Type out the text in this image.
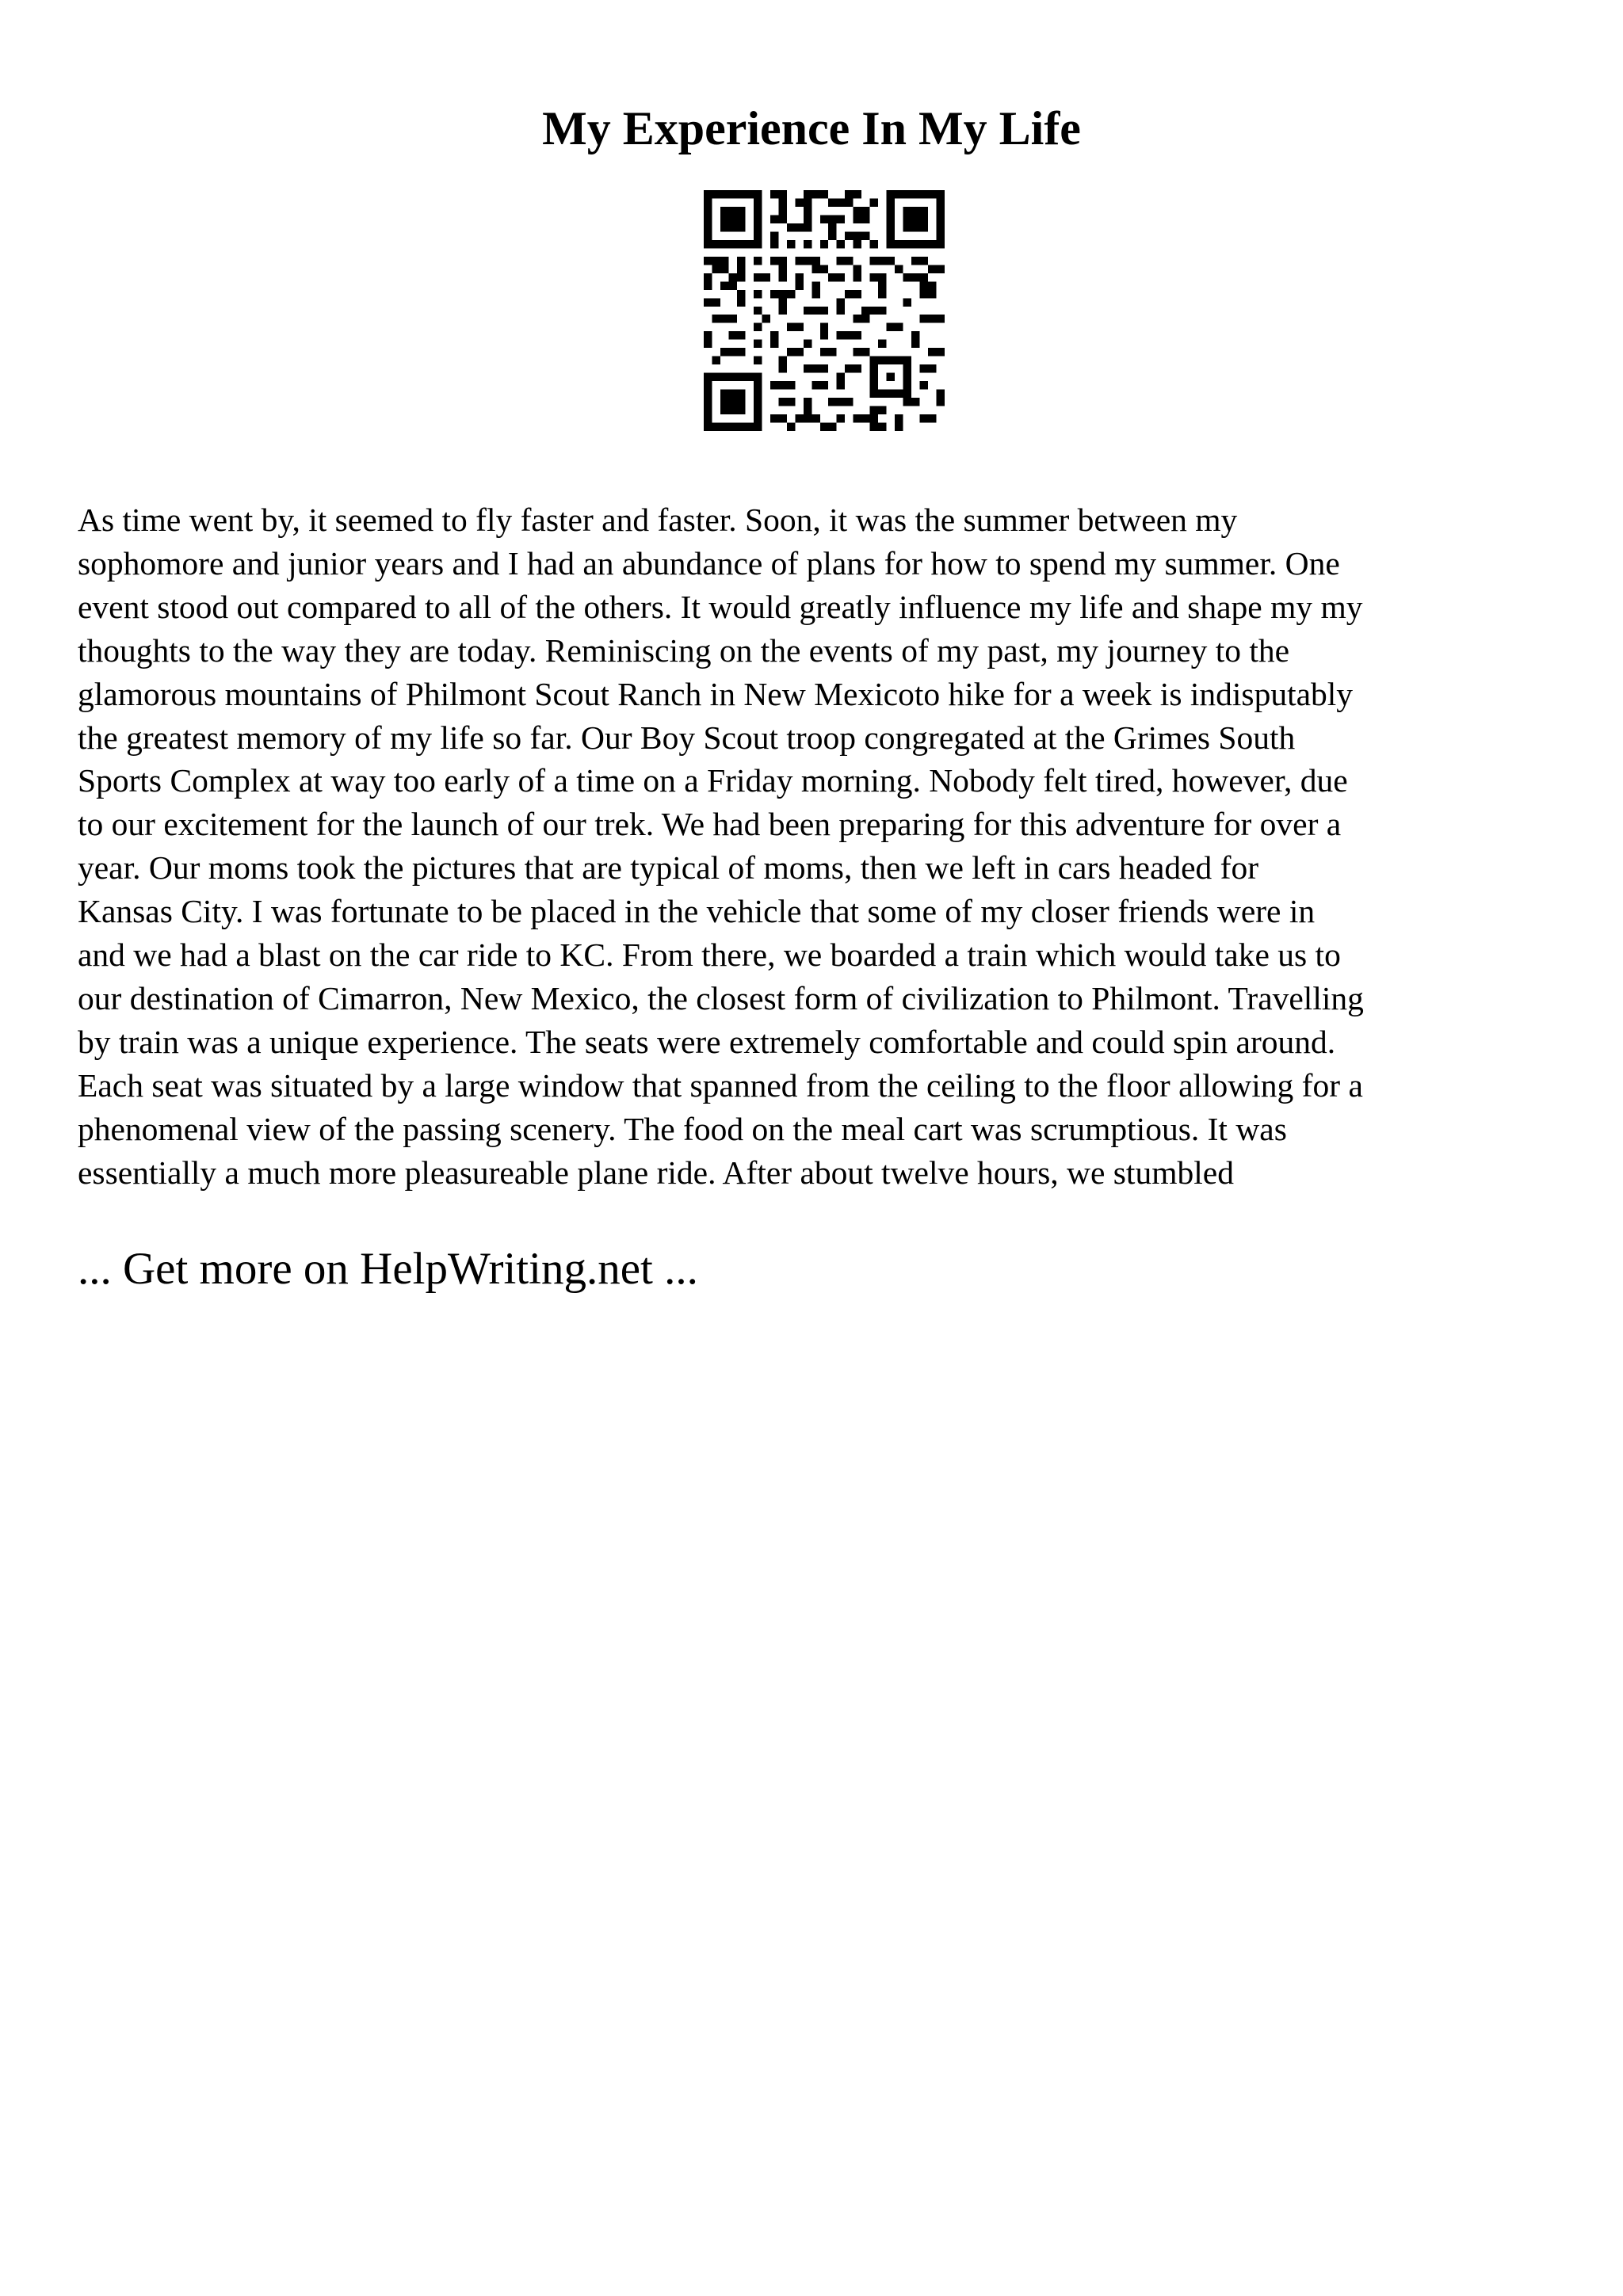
My Experience In My Life

As time went by, it seemed to fly faster and faster. Soon, it was the summer between my
sophomore and junior years and I had an abundance of plans for how to spend my summer. One
event stood out compared to all of the others. It would greatly influence my life and shape my my
thoughts to the way they are today. Reminiscing on the events of my past, my journey to the
glamorous mountains of Philmont Scout Ranch in New Mexicoto hike for a week is indisputably
the greatest memory of my life so far. Our Boy Scout troop congregated at the Grimes South
Sports Complex at way too early of a time on a Friday morning. Nobody felt tired, however, due
to our excitement for the launch of our trek. We had been preparing for this adventure for over a
year. Our moms took the pictures that are typical of moms, then we left in cars headed for
Kansas City. I was fortunate to be placed in the vehicle that some of my closer friends were in
and we had a blast on the car ride to KC. From there, we boarded a train which would take us to
our destination of Cimarron, New Mexico, the closest form of civilization to Philmont. Travelling
by train was a unique experience. The seats were extremely comfortable and could spin around.
Each seat was situated by a large window that spanned from the ceiling to the floor allowing for a
phenomenal view of the passing scenery. The food on the meal cart was scrumptious. It was
essentially a much more pleasureable plane ride. After about twelve hours, we stumbled

... Get more on HelpWriting.net ...
